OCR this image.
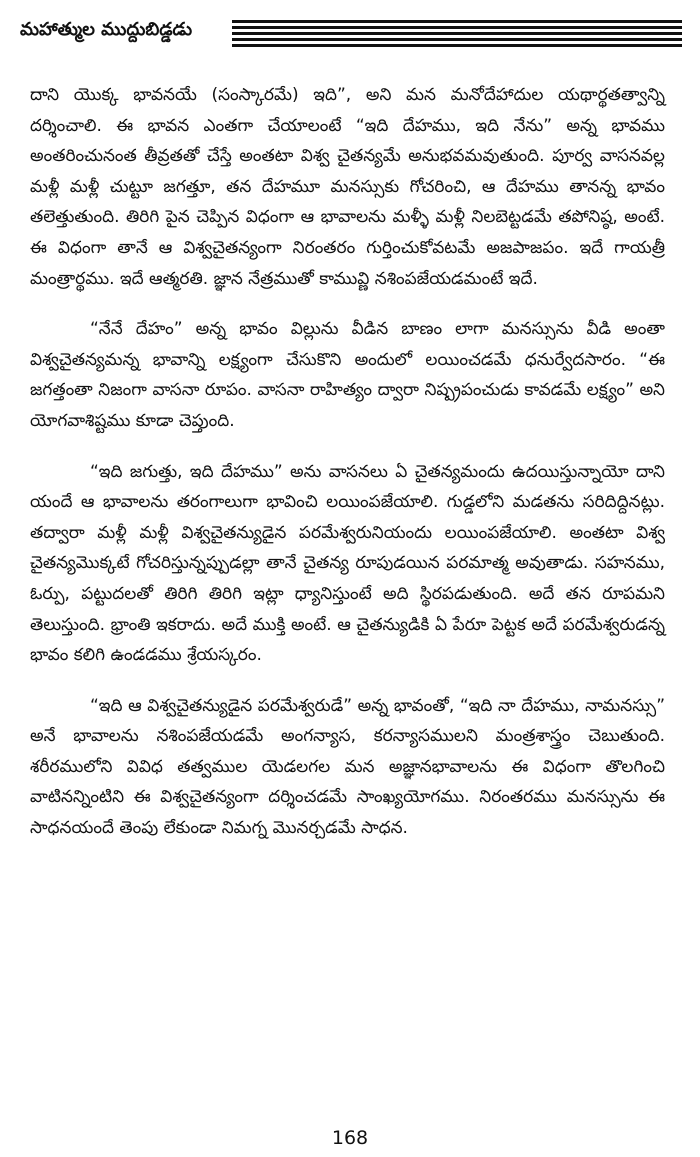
మహాత్ముల ముద్దుబిడ్డడు

దాని యొక్క భావనయే (సంస్కారమే) ఇది”, అని మన మనోదేహాదుల యథార్థతత్వాన్ని దర్శించాలి. ఈ భావన ఎంతగా చేయాలంటే “ఇది దేహము, ఇది నేను” అన్న భావము అంతరించునంత తీవ్రతతో చేస్తే అంతటా విశ్వ చైతన్యమే అనుభవమవుతుంది. పూర్వ వాసనవల్ల మళ్లీ మళ్లీ చుట్టూ జగత్తూ, తన దేహమూ మనస్సుకు గోచరించి, ఆ దేహము తానన్న భావం తలెత్తుతుంది. తిరిగి పైన చెప్పిన విధంగా ఆ భావాలను మళ్ళీ మళ్లీ నిలబెట్టడమే తపోనిష్ఠ, అంటే. ఈ విధంగా తానే ఆ విశ్వచైతన్యంగా నిరంతరం గుర్తించుకోవటమే అజపాజపం. ఇదే గాయత్రీ మంత్రార్థము. ఇదే ఆత్మరతి. జ్ఞాన నేత్రముతో కామువ్ణి నశింపజేయడమంటే ఇదే.

“నేనే దేహం” అన్న భావం విల్లును వీడిన బాణం లాగా మనస్సును వీడి అంతా విశ్వచైతన్యమన్న భావాన్ని లక్ష్యంగా చేసుకొని అందులో లయించడమే ధనుర్వేదసారం. “ఈ జగత్తంతా నిజంగా వాసనా రూపం. వాసనా రాహిత్యం ద్వారా నిష్ప్రపంచుడు కావడమే లక్ష్యం” అని యోగవాశిష్టము కూడా చెప్తుంది.

“ఇది జగుత్తు, ఇది దేహము” అను వాసనలు ఏ చైతన్యమందు ఉదయిస్తున్నాయో దాని యందే ఆ భావాలను తరంగాలుగా భావించి లయింపజేయాలి. గుడ్డలోని మడతను సరిదిద్దినట్లు. తద్వారా మళ్లీ మళ్లీ విశ్వచైతన్యుడైన పరమేశ్వరునియందు లయింపజేయాలి. అంతటా విశ్వ చైతన్యమొక్కటే గోచరిస్తున్నప్పుడల్లా తానే చైతన్య రూపుడయిన పరమాత్మ అవుతాడు. సహనము, ఓర్పు, పట్టుదలతో తిరిగి తిరిగి ఇట్లా ధ్యానిస్తుంటే అది స్థిరపడుతుంది. అదే తన రూపమని తెలుస్తుంది. భ్రాంతి ఇకరాదు. అదే ముక్తి అంటే. ఆ చైతన్యుడికి ఏ పేరూ పెట్టక అదే పరమేశ్వరుడన్న భావం కలిగి ఉండడము శ్రేయస్కరం.

“ఇది ఆ విశ్వచైతన్యుడైన పరమేశ్వరుడే” అన్న భావంతో, “ఇది నా దేహము, నామనస్సు” అనే భావాలను నశింపజేయడమే అంగన్యాస, కరన్యాసములని మంత్రశాస్త్రం చెబుతుంది. శరీరములోని వివిధ తత్వముల యెడలగల మన అజ్ఞానభావాలను ఈ విధంగా తొలగించి వాటినన్నింటిని ఈ విశ్వచైతన్యంగా దర్శించడమే సాంఖ్యయోగము. నిరంతరము మనస్సును ఈ సాధనయందే తెంపు లేకుండా నిమగ్న మొనర్చడమే సాధన.

168
